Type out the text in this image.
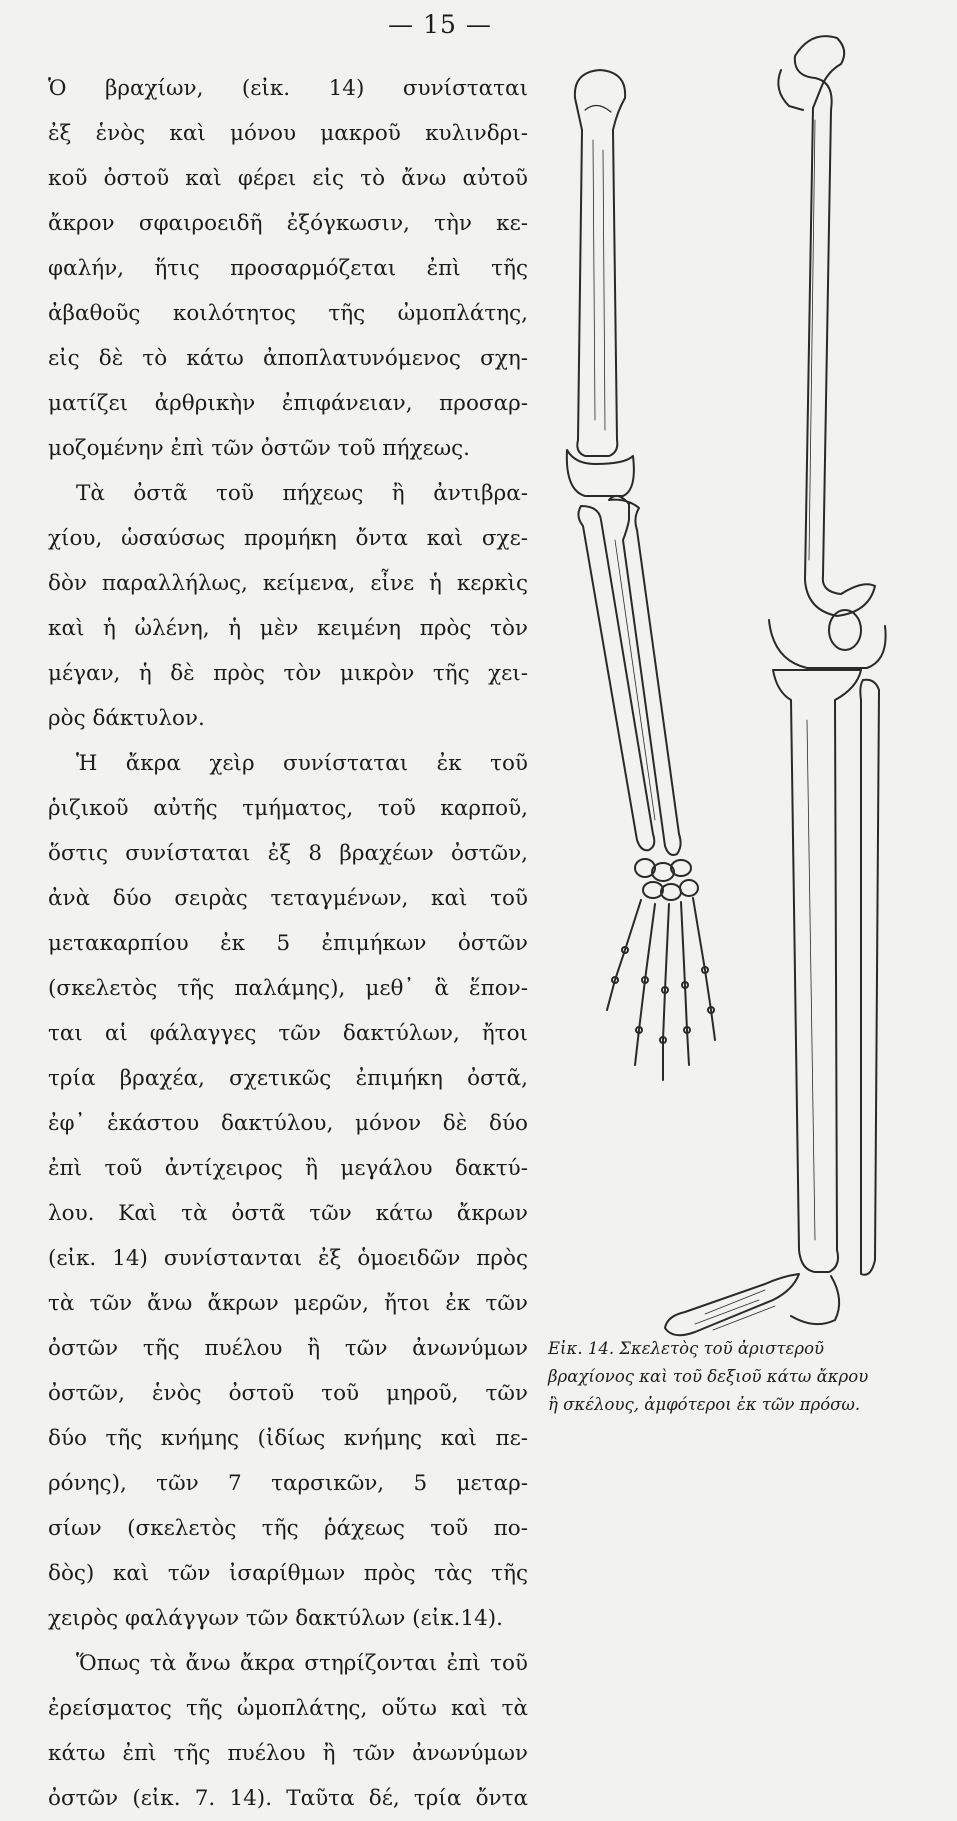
— 15 —
Ὁ βραχίων, (εἰκ. 14) συνίσταται
ἐξ ἑνὸς καὶ μόνου μακροῦ κυλινδρι-
κοῦ ὀστοῦ καὶ φέρει εἰς τὸ ἄνω αὐτοῦ
ἄκρον σφαιροειδῆ ἐξόγκωσιν, τὴν κε-
φαλήν, ἥτις προσαρμόζεται ἐπὶ τῆς
ἀβαθοῦς κοιλότητος τῆς ὠμοπλάτης,
εἰς δὲ τὸ κάτω ἀποπλατυνόμενος σχη-
ματίζει ἀρθρικὴν ἐπιφάνειαν, προσαρ-
μοζομένην ἐπὶ τῶν ὀστῶν τοῦ πήχεως.
Τὰ ὀστᾶ τοῦ πήχεως ἢ ἀντιβρα-
χίου, ὡσαύσως προμήκη ὄντα καὶ σχε-
δὸν παραλλήλως, κείμενα, εἶνε ἡ κερκὶς
καὶ ἡ ὠλένη, ἡ μὲν κειμένη πρὸς τὸν
μέγαν, ἡ δὲ πρὸς τὸν μικρὸν τῆς χει-
ρὸς δάκτυλον.
Ἡ ἄκρα χεὶρ συνίσταται ἐκ τοῦ
ῥιζικοῦ αὐτῆς τμήματος, τοῦ καρποῦ,
ὅστις συνίσταται ἐξ 8 βραχέων ὀστῶν,
ἀνὰ δύο σειρὰς τεταγμένων, καὶ τοῦ
μετακαρπίου ἐκ 5 ἐπιμήκων ὀστῶν
(σκελετὸς τῆς παλάμης), μεθ᾽ ἃ ἕπον-
ται αἱ φάλαγγες τῶν δακτύλων, ἤτοι
τρία βραχέα, σχετικῶς ἐπιμήκη ὀστᾶ,
ἐφ᾽ ἑκάστου δακτύλου, μόνον δὲ δύο
ἐπὶ τοῦ ἀντίχειρος ἢ μεγάλου δακτύ-
λου. Καὶ τὰ ὀστᾶ τῶν κάτω ἄκρων
(εἰκ. 14) συνίστανται ἐξ ὁμοειδῶν πρὸς
τὰ τῶν ἄνω ἄκρων μερῶν, ἤτοι ἐκ τῶν
ὀστῶν τῆς πυέλου ἢ τῶν ἀνωνύμων
ὀστῶν, ἑνὸς ὀστοῦ τοῦ μηροῦ, τῶν
δύο τῆς κνήμης (ἰδίως κνήμης καὶ πε-
ρόνης), τῶν 7 ταρσικῶν, 5 μεταρ-
σίων (σκελετὸς τῆς ῥάχεως τοῦ πο-
δὸς) καὶ τῶν ἰσαρίθμων πρὸς τὰς τῆς
χειρὸς φαλάγγων τῶν δακτύλων (εἰκ.14).
Ὅπως τὰ ἄνω ἄκρα στηρίζονται ἐπὶ τοῦ
ἐρείσματος τῆς ὠμοπλάτης, οὕτω καὶ τὰ
κάτω ἐπὶ τῆς πυέλου ἢ τῶν ἀνωνύμων
ὀστῶν (εἰκ. 7. 14). Ταῦτα δέ, τρία ὄντα
Εἰκ. 14. Σκελετὸς τοῦ ἀριστεροῦ
βραχίονος καὶ τοῦ δεξιοῦ κάτω ἄκρου
ἢ σκέλους, ἀμφότεροι ἐκ τῶν πρόσω.
